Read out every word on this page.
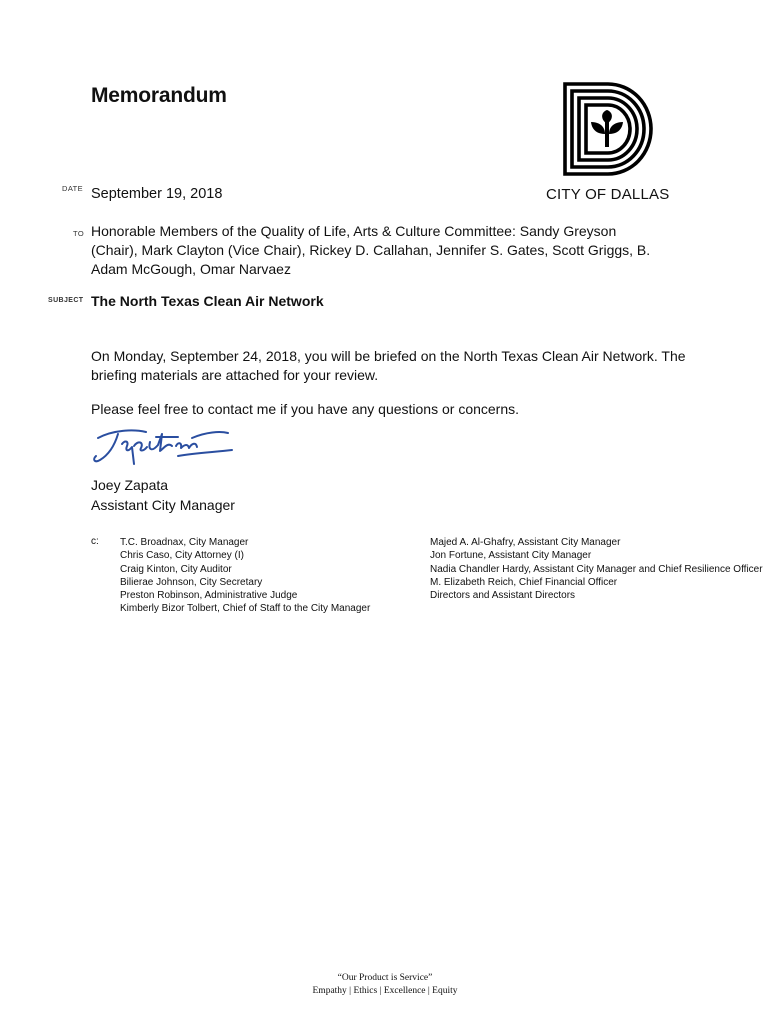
Memorandum
DATE September 19, 2018	CITY OF DALLAS
TO Honorable Members of the Quality of Life, Arts & Culture Committee: Sandy Greyson (Chair), Mark Clayton (Vice Chair), Rickey D. Callahan, Jennifer S. Gates, Scott Griggs, B. Adam McGough, Omar Narvaez
SUBJECT The North Texas Clean Air Network
On Monday, September 24, 2018, you will be briefed on the North Texas Clean Air Network. The briefing materials are attached for your review.
Please feel free to contact me if you have any questions or concerns.
Joey Zapata
Assistant City Manager
c: T.C. Broadnax, City Manager
Chris Caso, City Attorney (I)
Craig Kinton, City Auditor
Bilierae Johnson, City Secretary
Preston Robinson, Administrative Judge
Kimberly Bizor Tolbert, Chief of Staff to the City Manager
Majed A. Al-Ghafry, Assistant City Manager
Jon Fortune, Assistant City Manager
Nadia Chandler Hardy, Assistant City Manager and Chief Resilience Officer
M. Elizabeth Reich, Chief Financial Officer
Directors and Assistant Directors
“Our Product is Service”
Empathy | Ethics | Excellence | Equity
